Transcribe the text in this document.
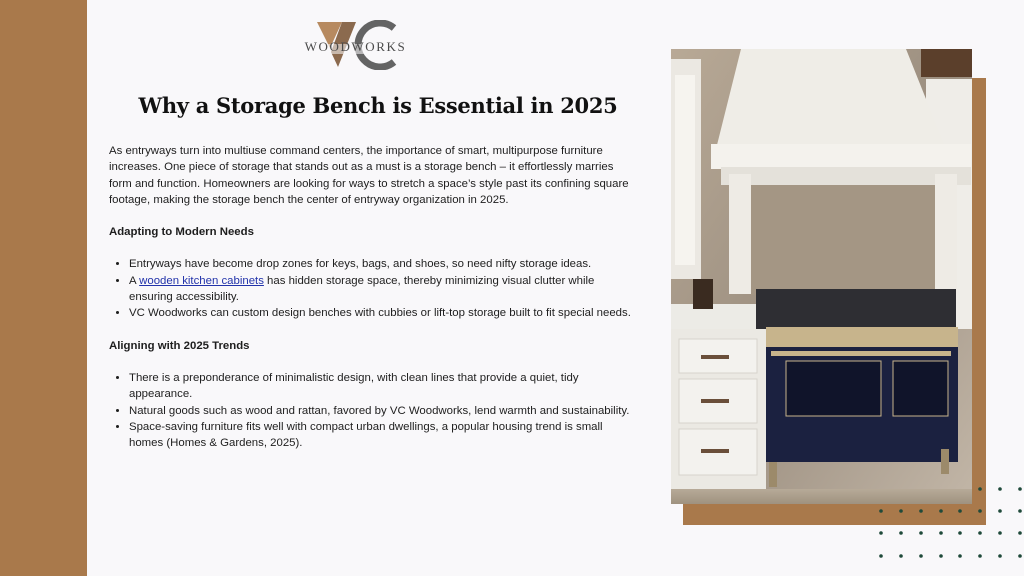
WOODWORKS
Why a Storage Bench is Essential in 2025

As entryways turn into multiuse command centers, the importance of smart, multipurpose furniture increases. One piece of storage that stands out as a must is a storage bench – it effortlessly marries form and function. Homeowners are looking for ways to stretch a space’s style past its confining square footage, making the storage bench the center of entryway organization in 2025.

Adapting to Modern Needs

• Entryways have become drop zones for keys, bags, and shoes, so need nifty storage ideas.
• A wooden kitchen cabinets has hidden storage space, thereby minimizing visual clutter while ensuring accessibility.
• VC Woodworks can custom design benches with cubbies or lift-top storage built to fit special needs.

Aligning with 2025 Trends

• There is a preponderance of minimalistic design, with clean lines that provide a quiet, tidy appearance.
• Natural goods such as wood and rattan, favored by VC Woodworks, lend warmth and sustainability.
• Space-saving furniture fits well with compact urban dwellings, a popular housing trend is small homes (Homes & Gardens, 2025).
